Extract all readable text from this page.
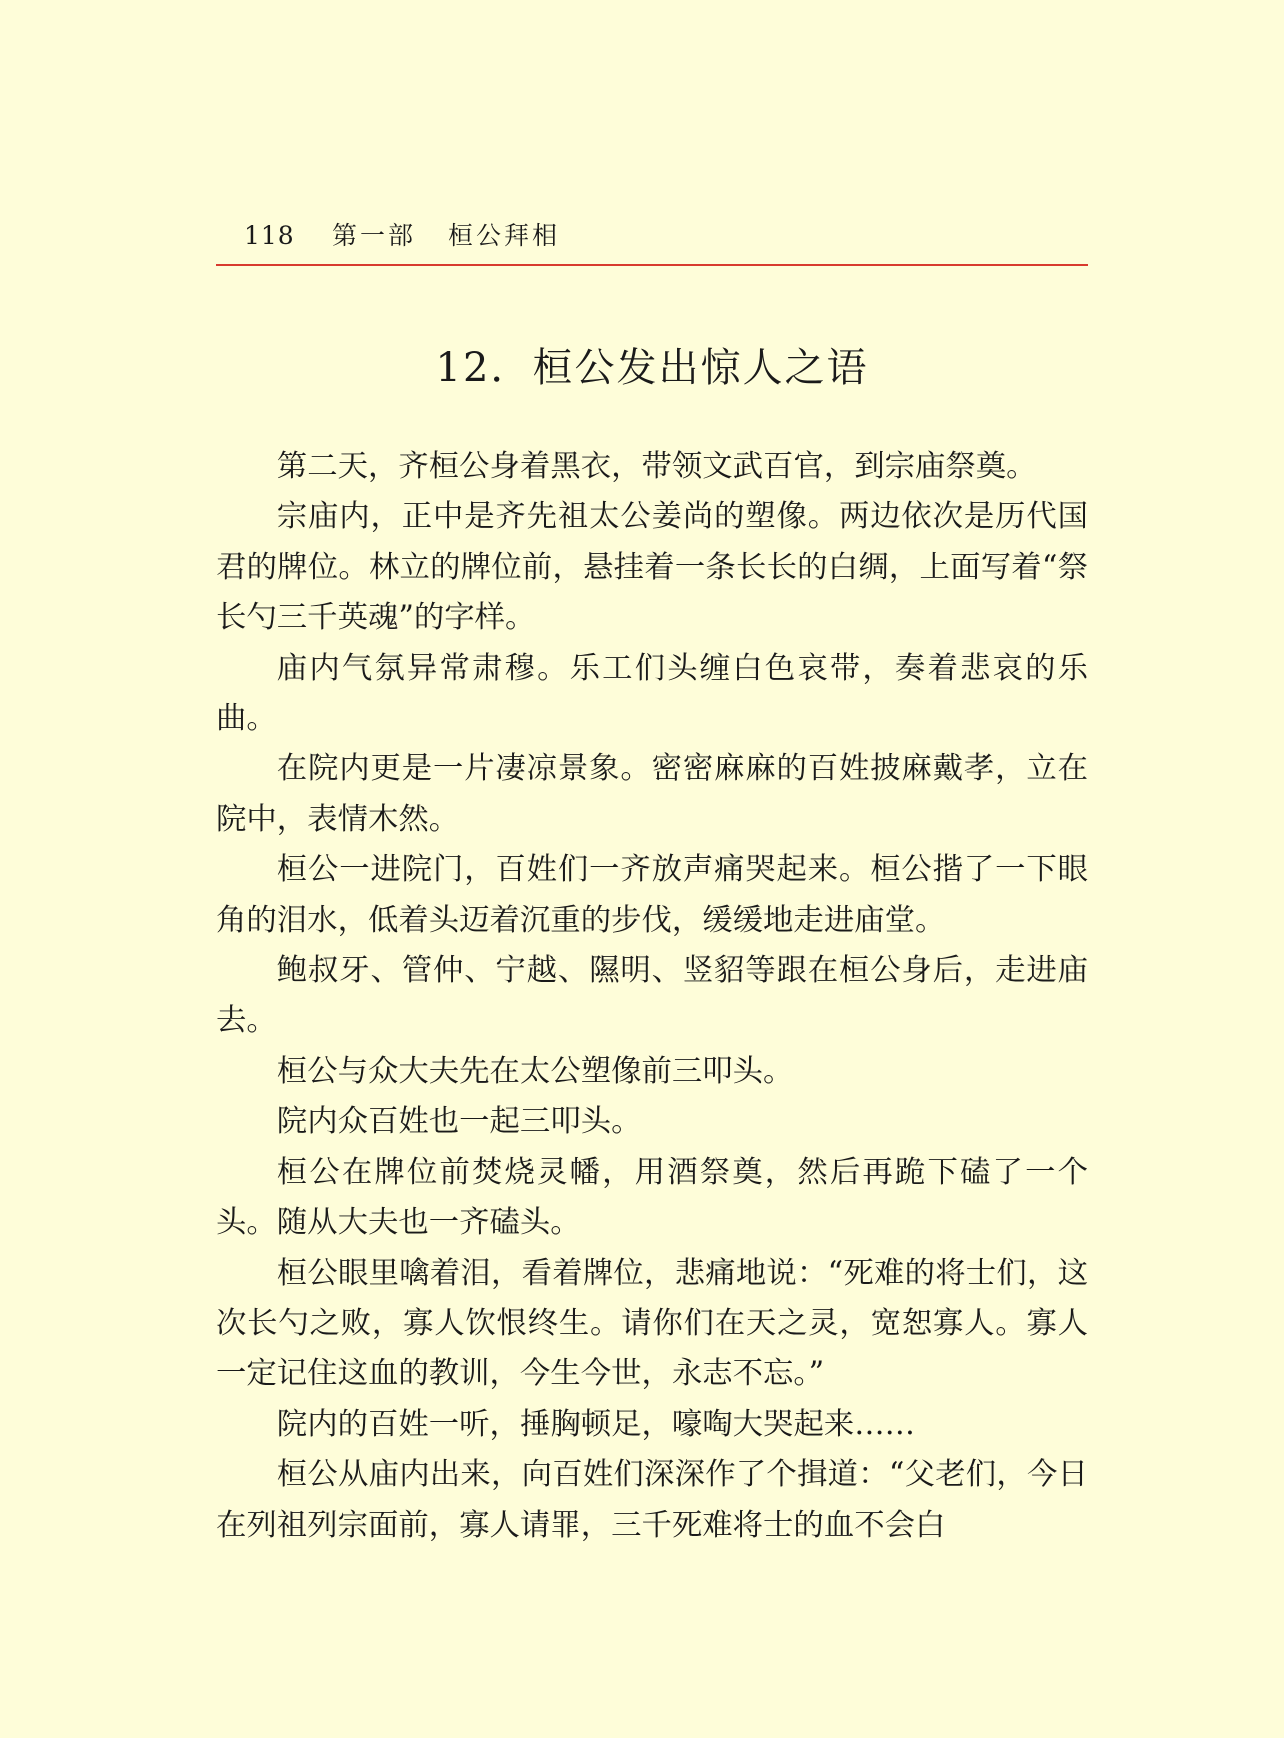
118 第一部 桓公拜相
12．桓公发出惊人之语

第二天，齐桓公身着黑衣，带领文武百官，到宗庙祭奠。

宗庙内，正中是齐先祖太公姜尚的塑像。两边依次是历代国君的牌位。林立的牌位前，悬挂着一条长长的白绸，上面写着“祭长勺三千英魂”的字样。

庙内气氛异常肃穆。乐工们头缠白色哀带，奏着悲哀的乐曲。

在院内更是一片凄凉景象。密密麻麻的百姓披麻戴孝，立在院中，表情木然。

桓公一进院门，百姓们一齐放声痛哭起来。桓公揩了一下眼角的泪水，低着头迈着沉重的步伐，缓缓地走进庙堂。

鲍叔牙、管仲、宁越、隰明、竖貂等跟在桓公身后，走进庙去。

桓公与众大夫先在太公塑像前三叩头。

院内众百姓也一起三叩头。

桓公在牌位前焚烧灵幡，用酒祭奠，然后再跪下磕了一个头。随从大夫也一齐磕头。

桓公眼里噙着泪，看着牌位，悲痛地说：“死难的将士们，这次长勺之败，寡人饮恨终生。请你们在天之灵，宽恕寡人。寡人一定记住这血的教训，今生今世，永志不忘。”

院内的百姓一听，捶胸顿足，嚎啕大哭起来……

桓公从庙内出来，向百姓们深深作了个揖道：“父老们，今日在列祖列宗面前，寡人请罪，三千死难将士的血不会白
